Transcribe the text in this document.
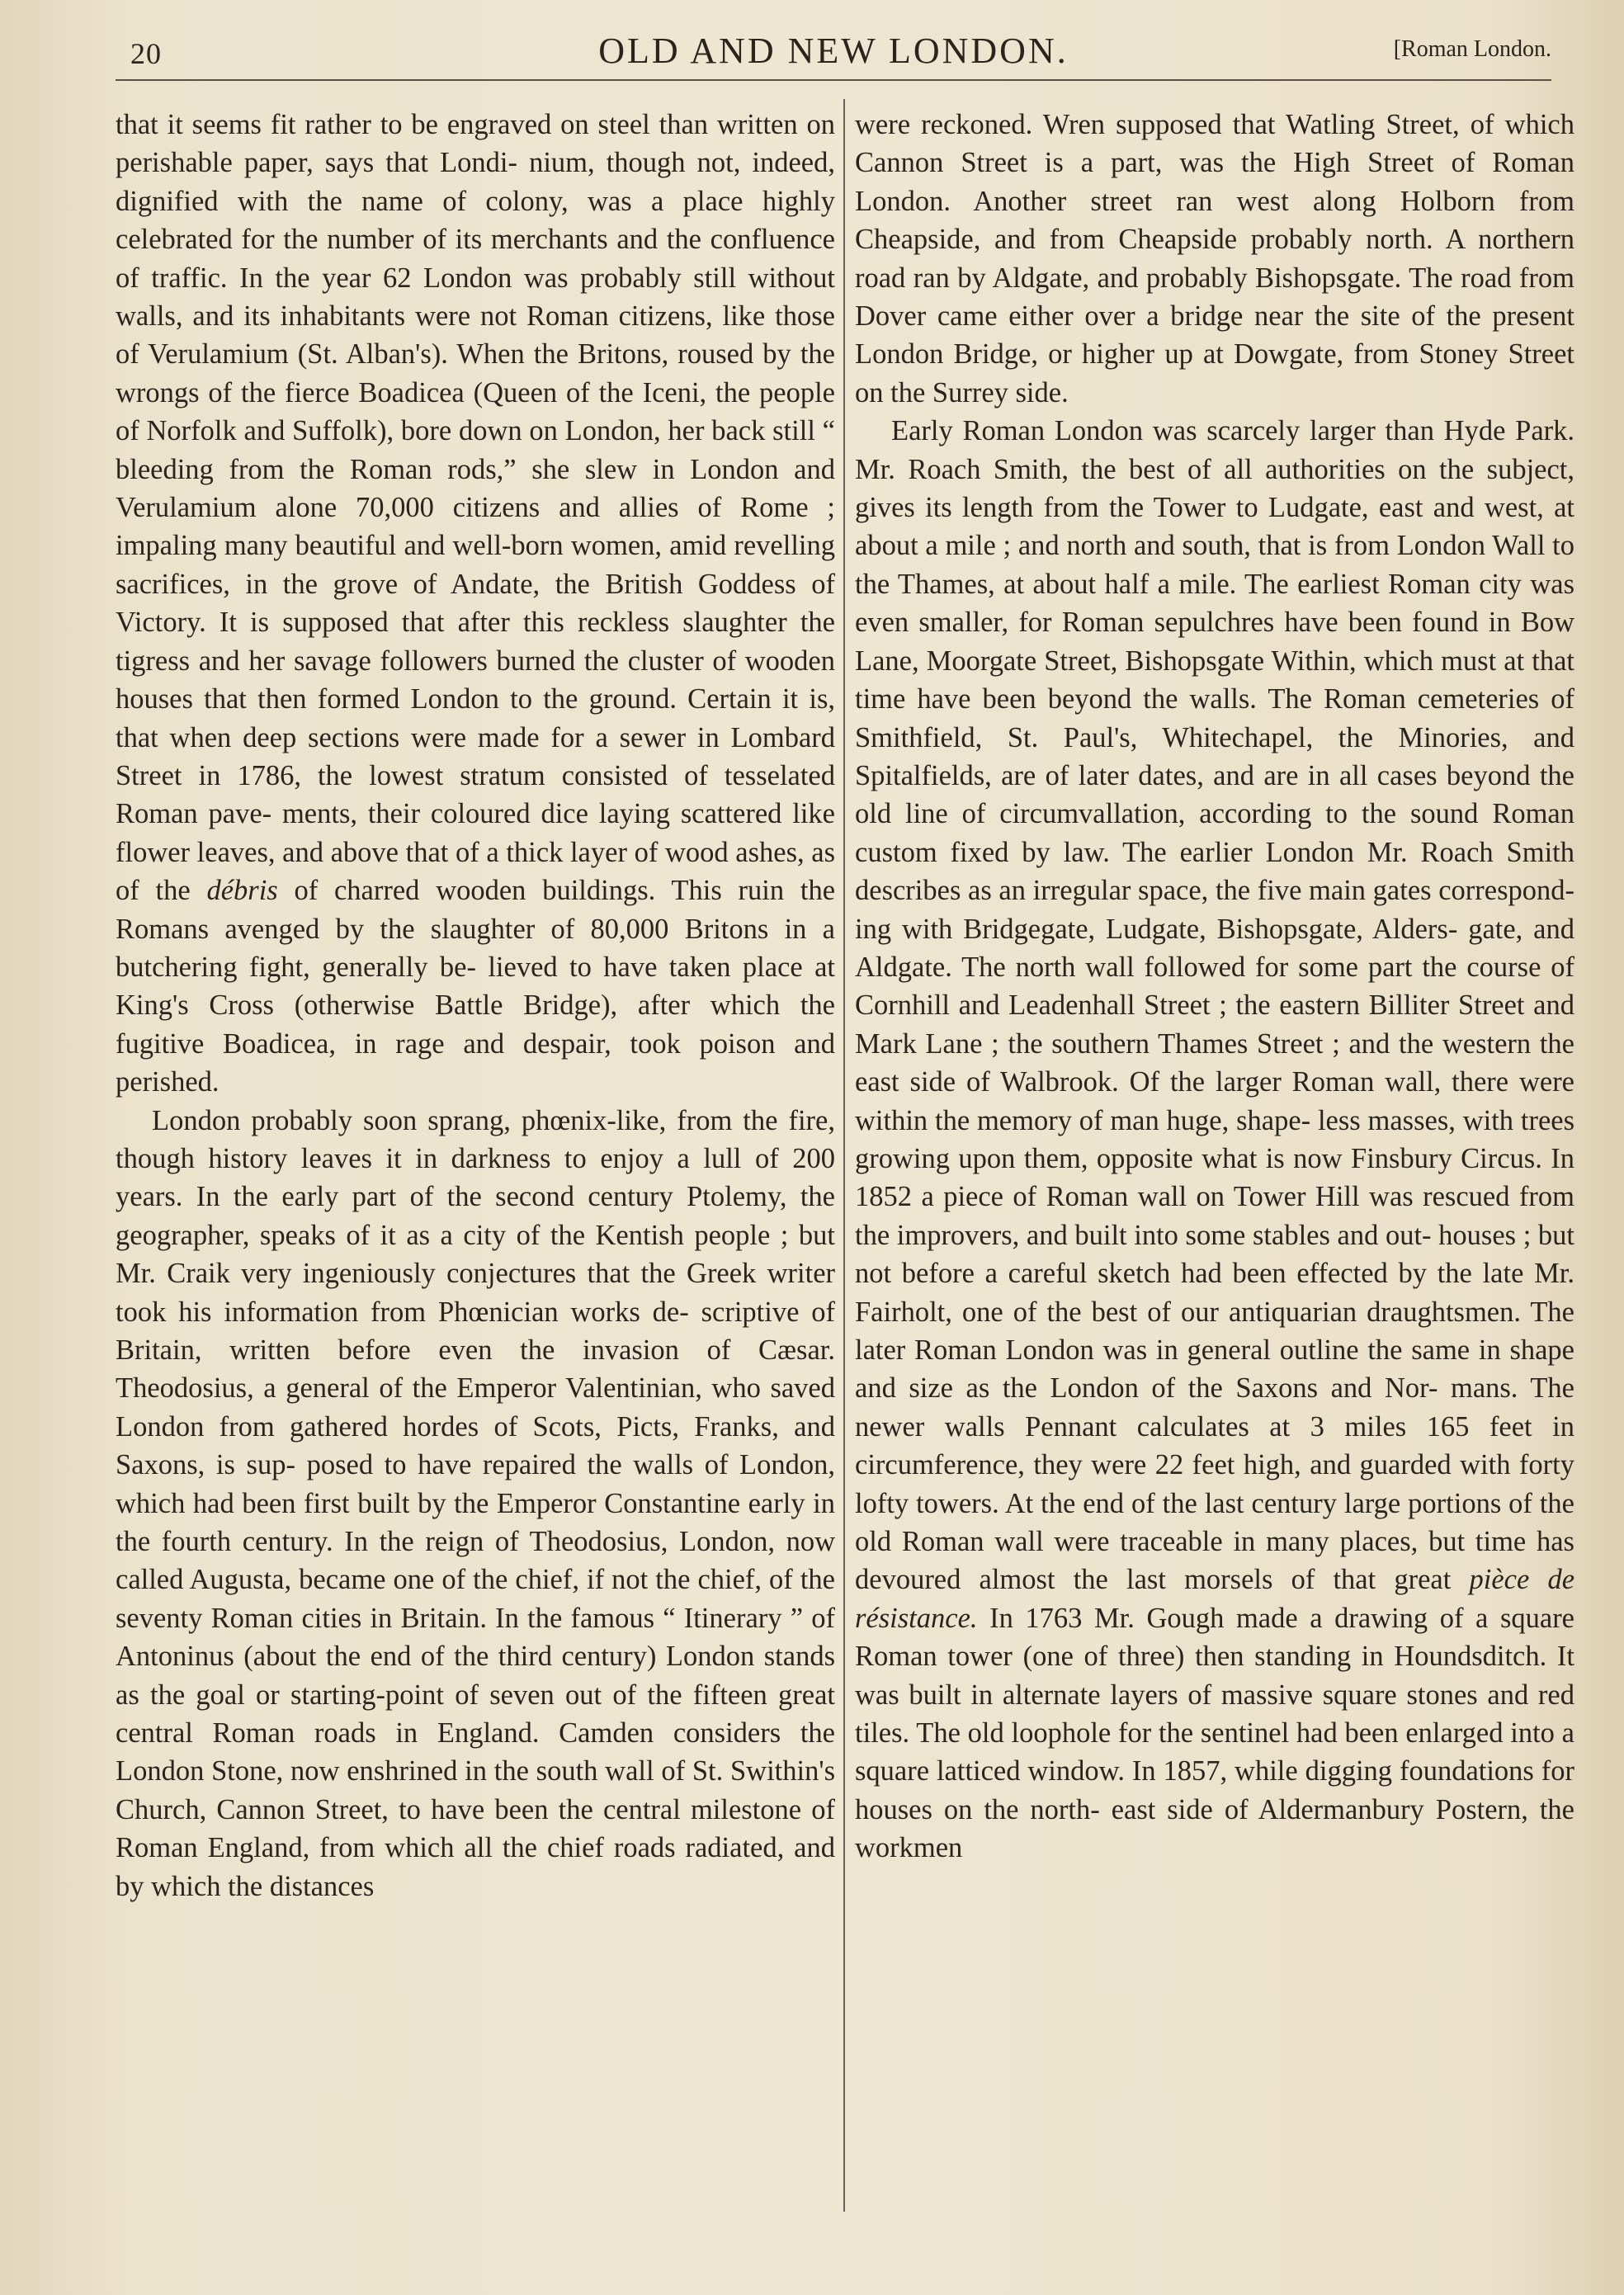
20	OLD AND NEW LONDON.	[Roman London.

that it seems fit rather to be engraved on steel than written on perishable paper, says that Londi- nium, though not, indeed, dignified with the name of colony, was a place highly celebrated for the number of its merchants and the confluence of traffic. In the year 62 London was probably still without walls, and its inhabitants were not Roman citizens, like those of Verulamium (St. Alban's). When the Britons, roused by the wrongs of the fierce Boadicea (Queen of the Iceni, the people of Norfolk and Suffolk), bore down on London, her back still “ bleeding from the Roman rods,” she slew in London and Verulamium alone 70,000 citizens and allies of Rome ; impaling many beautiful and well-born women, amid revelling sacrifices, in the grove of Andate, the British Goddess of Victory. It is supposed that after this reckless slaughter the tigress and her savage followers burned the cluster of wooden houses that then formed London to the ground. Certain it is, that when deep sections were made for a sewer in Lombard Street in 1786, the lowest stratum consisted of tesselated Roman pave- ments, their coloured dice laying scattered like flower leaves, and above that of a thick layer of wood ashes, as of the débris of charred wooden buildings. This ruin the Romans avenged by the slaughter of 80,000 Britons in a butchering fight, generally be- lieved to have taken place at King's Cross (otherwise Battle Bridge), after which the fugitive Boadicea, in rage and despair, took poison and perished.

London probably soon sprang, phœnix-like, from the fire, though history leaves it in darkness to enjoy a lull of 200 years. In the early part of the second century Ptolemy, the geographer, speaks of it as a city of the Kentish people ; but Mr. Craik very ingeniously conjectures that the Greek writer took his information from Phœnician works de- scriptive of Britain, written before even the invasion of Cæsar. Theodosius, a general of the Emperor Valentinian, who saved London from gathered hordes of Scots, Picts, Franks, and Saxons, is sup- posed to have repaired the walls of London, which had been first built by the Emperor Constantine early in the fourth century. In the reign of Theodosius, London, now called Augusta, became one of the chief, if not the chief, of the seventy Roman cities in Britain. In the famous “ Itinerary ” of Antoninus (about the end of the third century) London stands as the goal or starting-point of seven out of the fifteen great central Roman roads in England. Camden considers the London Stone, now enshrined in the south wall of St. Swithin's Church, Cannon Street, to have been the central milestone of Roman England, from which all the chief roads radiated, and by which the distances

were reckoned. Wren supposed that Watling Street, of which Cannon Street is a part, was the High Street of Roman London. Another street ran west along Holborn from Cheapside, and from Cheapside probably north. A northern road ran by Aldgate, and probably Bishopsgate. The road from Dover came either over a bridge near the site of the present London Bridge, or higher up at Dowgate, from Stoney Street on the Surrey side.

Early Roman London was scarcely larger than Hyde Park. Mr. Roach Smith, the best of all authorities on the subject, gives its length from the Tower to Ludgate, east and west, at about a mile ; and north and south, that is from London Wall to the Thames, at about half a mile. The earliest Roman city was even smaller, for Roman sepulchres have been found in Bow Lane, Moorgate Street, Bishopsgate Within, which must at that time have been beyond the walls. The Roman cemeteries of Smithfield, St. Paul's, Whitechapel, the Minories, and Spitalfields, are of later dates, and are in all cases beyond the old line of circumvallation, according to the sound Roman custom fixed by law. The earlier London Mr. Roach Smith describes as an irregular space, the five main gates correspond- ing with Bridgegate, Ludgate, Bishopsgate, Alders- gate, and Aldgate. The north wall followed for some part the course of Cornhill and Leadenhall Street ; the eastern Billiter Street and Mark Lane ; the southern Thames Street ; and the western the east side of Walbrook. Of the larger Roman wall, there were within the memory of man huge, shape- less masses, with trees growing upon them, opposite what is now Finsbury Circus. In 1852 a piece of Roman wall on Tower Hill was rescued from the improvers, and built into some stables and out- houses ; but not before a careful sketch had been effected by the late Mr. Fairholt, one of the best of our antiquarian draughtsmen. The later Roman London was in general outline the same in shape and size as the London of the Saxons and Nor- mans. The newer walls Pennant calculates at 3 miles 165 feet in circumference, they were 22 feet high, and guarded with forty lofty towers. At the end of the last century large portions of the old Roman wall were traceable in many places, but time has devoured almost the last morsels of that great pièce de résistance. In 1763 Mr. Gough made a drawing of a square Roman tower (one of three) then standing in Houndsditch. It was built in alternate layers of massive square stones and red tiles. The old loophole for the sentinel had been enlarged into a square latticed window. In 1857, while digging foundations for houses on the north- east side of Aldermanbury Postern, the workmen
